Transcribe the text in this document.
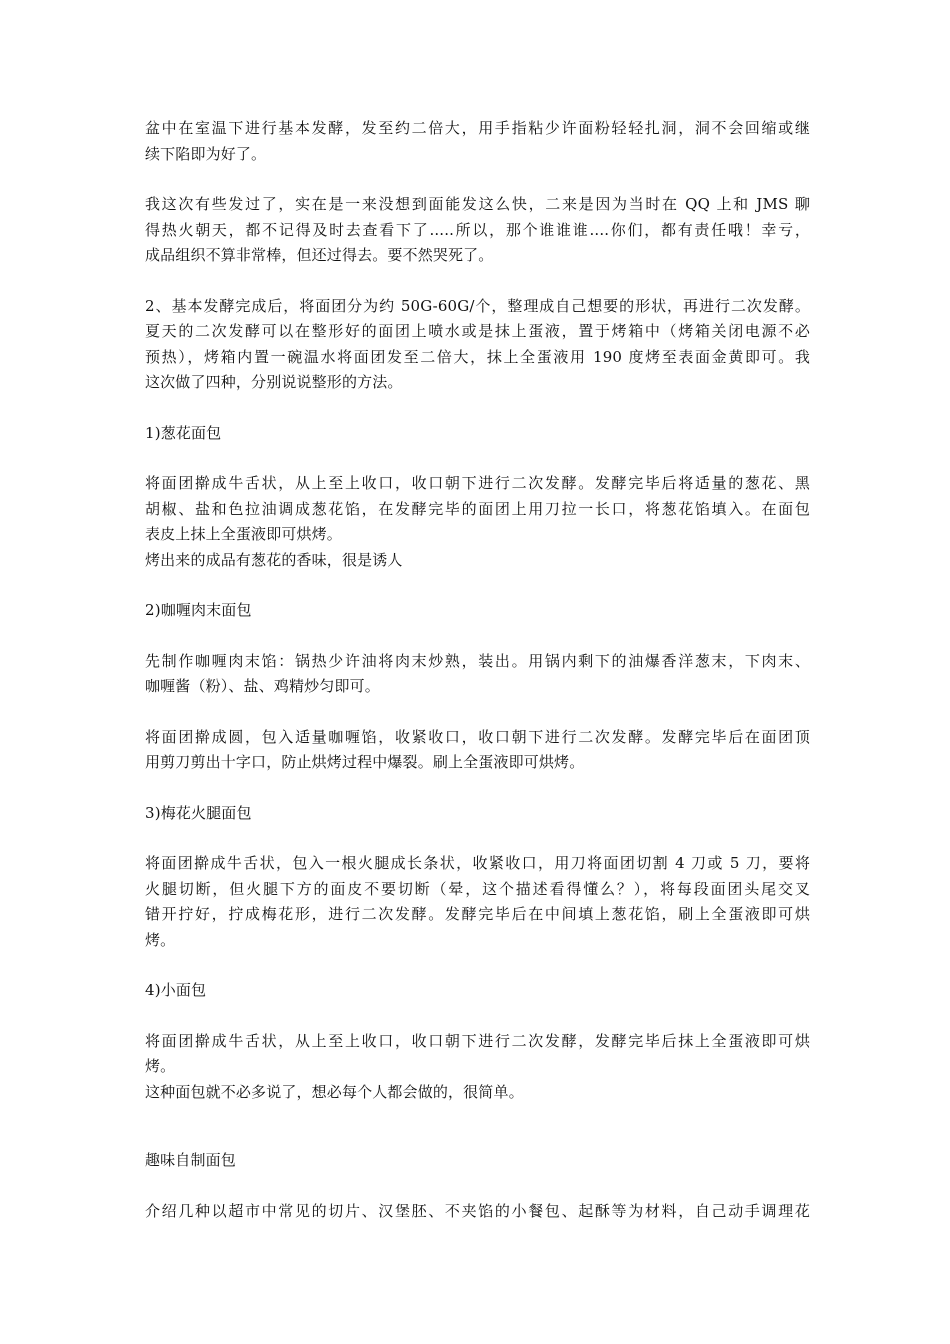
盆中在室温下进行基本发酵，发至约二倍大，用手指粘少许面粉轻轻扎洞，洞不会回缩或继
续下陷即为好了。
我这次有些发过了，实在是一来没想到面能发这么快，二来是因为当时在 QQ 上和 JMS 聊
得热火朝天，都不记得及时去查看下了.....所以，那个谁谁谁....你们，都有责任哦！幸亏，
成品组织不算非常棒，但还过得去。要不然哭死了。
2、基本发酵完成后，将面团分为约 50G-60G/个，整理成自己想要的形状，再进行二次发酵。
夏天的二次发酵可以在整形好的面团上喷水或是抹上蛋液，置于烤箱中（烤箱关闭电源不必
预热），烤箱内置一碗温水将面团发至二倍大，抹上全蛋液用 190 度烤至表面金黄即可。我
这次做了四种，分别说说整形的方法。
1)葱花面包
将面团擀成牛舌状，从上至上收口，收口朝下进行二次发酵。发酵完毕后将适量的葱花、黑
胡椒、盐和色拉油调成葱花馅，在发酵完毕的面团上用刀拉一长口，将葱花馅填入。在面包
表皮上抹上全蛋液即可烘烤。
烤出来的成品有葱花的香味，很是诱人
2)咖喱肉末面包
先制作咖喱肉末馅：锅热少许油将肉末炒熟，装出。用锅内剩下的油爆香洋葱末，下肉末、
咖喱酱（粉）、盐、鸡精炒匀即可。
将面团擀成圆，包入适量咖喱馅，收紧收口，收口朝下进行二次发酵。发酵完毕后在面团顶
用剪刀剪出十字口，防止烘烤过程中爆裂。刷上全蛋液即可烘烤。
3)梅花火腿面包
将面团擀成牛舌状，包入一根火腿成长条状，收紧收口，用刀将面团切割 4 刀或 5 刀，要将
火腿切断，但火腿下方的面皮不要切断（晕，这个描述看得懂么？），将每段面团头尾交叉
错开拧好，拧成梅花形，进行二次发酵。发酵完毕后在中间填上葱花馅，刷上全蛋液即可烘
烤。
4)小面包
将面团擀成牛舌状，从上至上收口，收口朝下进行二次发酵，发酵完毕后抹上全蛋液即可烘
烤。
这种面包就不必多说了，想必每个人都会做的，很简单。
趣味自制面包
介绍几种以超市中常见的切片、汉堡胚、不夹馅的小餐包、起酥等为材料，自己动手调理花
